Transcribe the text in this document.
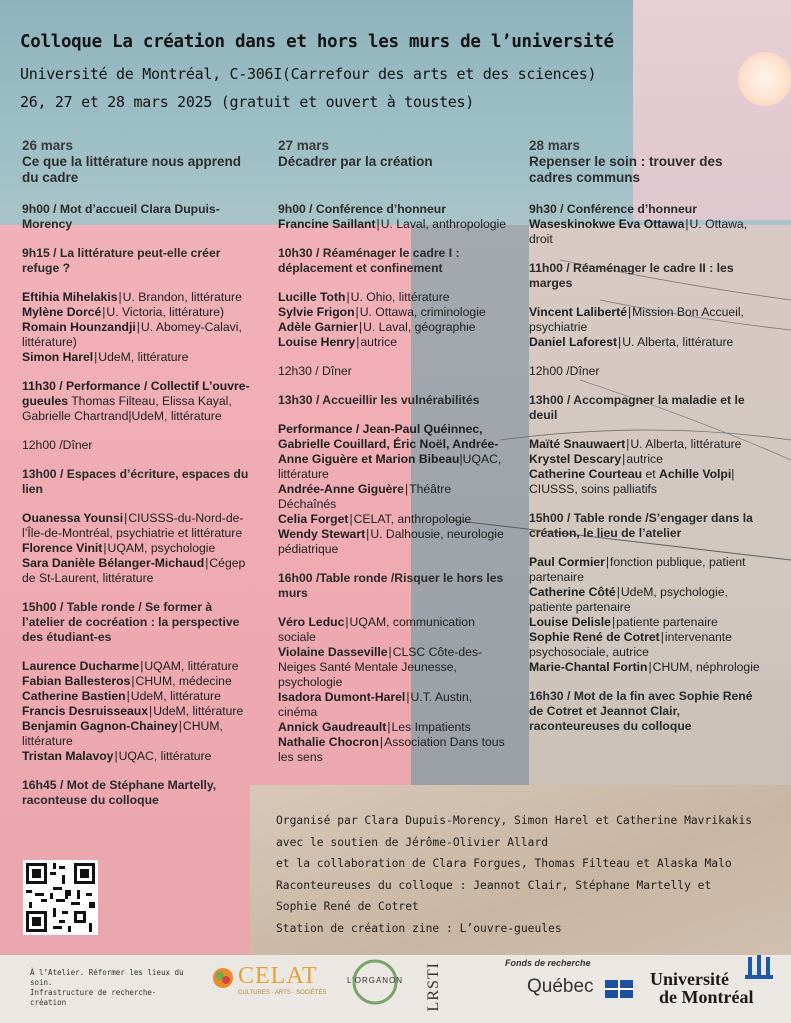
Colloque La création dans et hors les murs de l’université
Université de Montréal, C-306I(Carrefour des arts et des sciences)
26, 27 et 28 mars 2025 (gratuit et ouvert à toustes)
26 mars
Ce que la littérature nous apprend du cadre
9h00 / Mot d’accueil Clara Dupuis-Morency
9h15 / La littérature peut-elle créer refuge ?
Eftihia Mihelakis | U. Brandon, littérature
Mylène Dorcé | U. Victoria, littérature)
Romain Hounzandji | U. Abomey-Calavi, littérature)
Simon Harel | UdeM, littérature
11h30 / Performance / Collectif L’ouvre-gueules Thomas Filteau, Elissa Kayal, Gabrielle Chartrand|UdeM, littérature
12h00 /Dîner
13h00 / Espaces d’écriture, espaces du lien
Ouanessa Younsi | CIUSSS-du-Nord-de-l’Île-de-Montréal, psychiatrie et littérature
Florence Vinit | UQAM, psychologie
Sara Danièle Bélanger-Michaud | Cégep de St-Laurent, littérature
15h00 / Table ronde / Se former à l’atelier de cocréation : la perspective des étudiant-es
Laurence Ducharme | UQAM, littérature
Fabian Ballesteros | CHUM, médecine
Catherine Bastien | UdeM, littérature
Francis Desruisseaux | UdeM, littérature
Benjamin Gagnon-Chainey | CHUM, littérature
Tristan Malavoy | UQAC, littérature
16h45 / Mot de Stéphane Martelly, raconteuse du colloque
27 mars
Décadrer par la création
9h00 / Conférence d’honneur
Francine Saillant | U. Laval, anthropologie
10h30 / Réaménager le cadre I : déplacement et confinement
Lucille Toth | U. Ohio, littérature
Sylvie Frigon | U. Ottawa, criminologie
Adèle Garnier | U. Laval, géographie
Louise Henry | autrice
12h30 / Dîner
13h30 / Accueillir les vulnérabilités
Performance / Jean-Paul Quéinnec, Gabrielle Couillard, Éric Noël, Andrée-Anne Giguère et Marion Bibeau|UQAC, littérature
Andrée-Anne Giguère | Théâtre Déchaînés
Celia Forget | CELAT, anthropologie
Wendy Stewart | U. Dalhousie, neurologie pédiatrique
16h00 /Table ronde /Risquer le hors les murs
Véro Leduc | UQAM, communication sociale
Violaine Dasseville | CLSC Côte-des-Neiges Santé Mentale Jeunesse, psychologie
Isadora Dumont-Harel | U.T. Austin, cinéma
Annick Gaudreault | Les Impatients
Nathalie Chocron | Association Dans tous les sens
28 mars
Repenser le soin : trouver des cadres communs
9h30 / Conférence d’honneur
Waseskinokwe Eva Ottawa | U. Ottawa, droit
11h00 / Réaménager le cadre II : les marges
Vincent Laliberté | Mission Bon Accueil, psychiatrie
Daniel Laforest | U. Alberta, littérature
12h00 /Dîner
13h00 / Accompagner la maladie et le deuil
Maïté Snauwaert | U. Alberta, littérature
Krystel Descary | autrice
Catherine Courteau et Achille Volpi|
CIUSSS, soins palliatifs
15h00 / Table ronde /S’engager dans la création, le lieu de l’atelier
Paul Cormier | fonction publique, patient partenaire
Catherine Côté | UdeM, psychologie, patiente partenaire
Louise Delisle | patiente partenaire
Sophie René de Cotret | intervenante psychosociale, autrice
Marie-Chantal Fortin | CHUM, néphrologie
16h30 / Mot de la fin avec Sophie René de Cotret et Jeannot Clair, raconteureuses du colloque
Organisé par Clara Dupuis-Morency, Simon Harel et Catherine Mavrikakis
avec le soutien de Jérôme-Olivier Allard
et la collaboration de Clara Forgues, Thomas Filteau et Alaska Malo
Raconteureuses du colloque : Jeannot Clair, Stéphane Martelly et
Sophie René de Cotret
Station de création zine : L’ouvre-gueules
À l’Atelier. Réformer les lieux du soin.
Infrastructure de recherche-création
CELAT
CULTURES · ARTS · SOCIÉTÉS
L’ORGANON	LRSTI	Fonds de recherche
Québec	Université
de Montréal
